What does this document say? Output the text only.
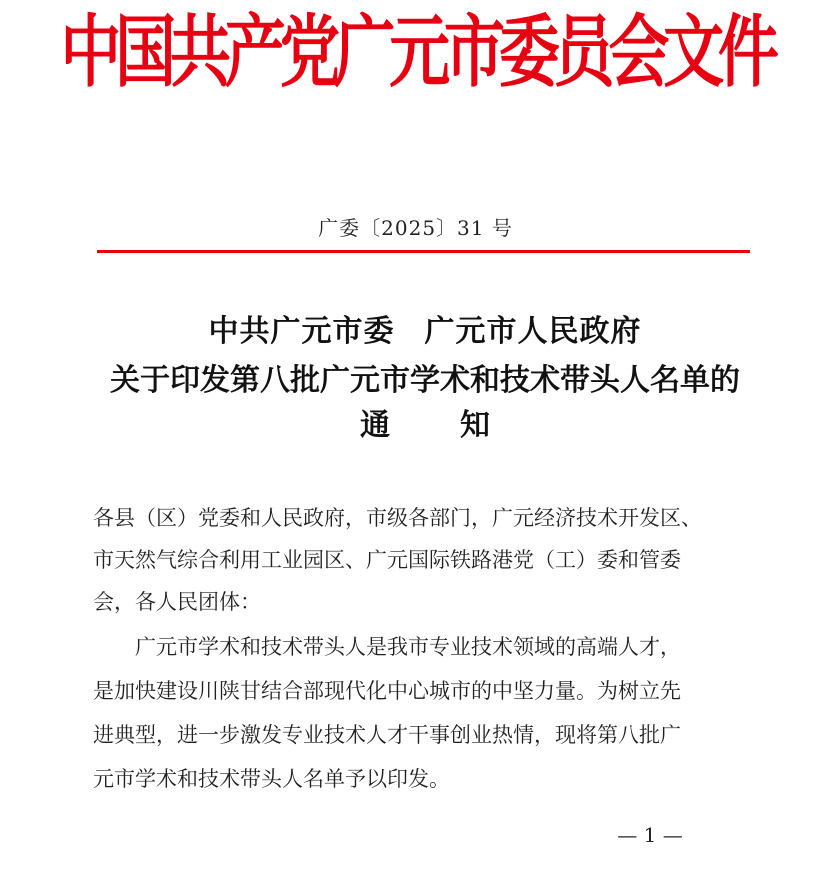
中国共产党广元市委员会文件
广委〔2025〕31 号
中共广元市委 广元市人民政府
关于印发第八批广元市学术和技术带头人名单的
通 知
各县（区）党委和人民政府，市级各部门，广元经济技术开发区、
市天然气综合利用工业园区、广元国际铁路港党（工）委和管委
会，各人民团体：
　　广元市学术和技术带头人是我市专业技术领域的高端人才，
是加快建设川陕甘结合部现代化中心城市的中坚力量。为树立先
进典型，进一步激发专业技术人才干事创业热情，现将第八批广
元市学术和技术带头人名单予以印发。
— 1 —
